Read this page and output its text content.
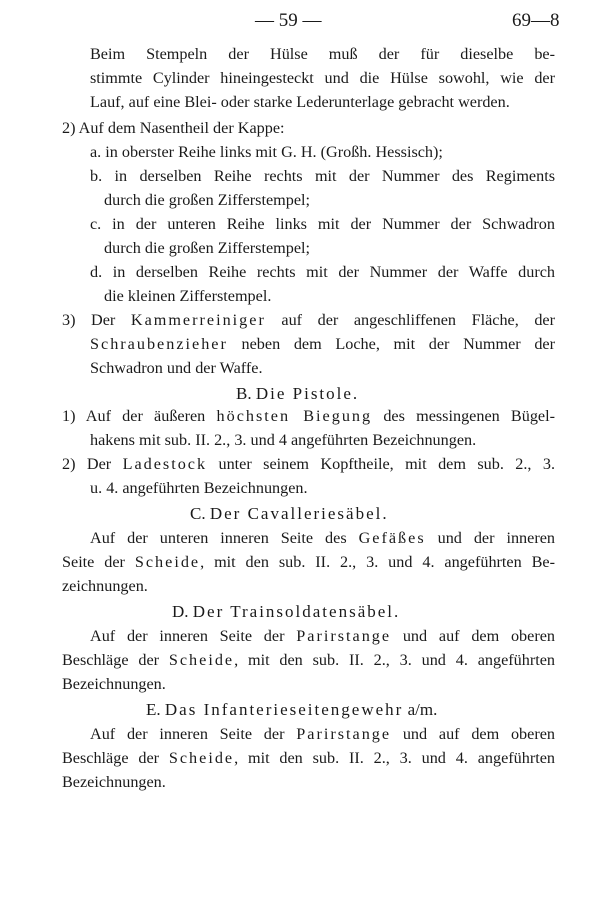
— 59 —	69—8
Beim Stempeln der Hülse muß der für dieselbe be-
stimmte Cylinder hineingesteckt und die Hülse sowohl, wie der
Lauf, auf eine Blei- oder starke Lederunterlage gebracht werden.
2) Auf dem Nasentheil der Kappe:
a. in oberster Reihe links mit G. H. (Großh. Hessisch);
b. in derselben Reihe rechts mit der Nummer des Regiments
durch die großen Zifferstempel;
c. in der unteren Reihe links mit der Nummer der Schwadron
durch die großen Zifferstempel;
d. in derselben Reihe rechts mit der Nummer der Waffe durch
die kleinen Zifferstempel.
3) Der Kammerreiniger auf der angeschliffenen Fläche, der
Schraubenzieher neben dem Loche, mit der Nummer der
Schwadron und der Waffe.
B. Die Pistole.
1) Auf der äußeren höchsten Biegung des messingenen Bügel-
hakens mit sub. II. 2., 3. und 4 angeführten Bezeichnungen.
2) Der Ladestock unter seinem Kopftheile, mit dem sub. 2., 3.
u. 4. angeführten Bezeichnungen.
C. Der Cavalleriesäbel.
Auf der unteren inneren Seite des Gefäßes und der inneren
Seite der Scheide, mit den sub. II. 2., 3. und 4. angeführten Be-
zeichnungen.
D. Der Trainsoldatensäbel.
Auf der inneren Seite der Parirstange und auf dem oberen
Beschläge der Scheide, mit den sub. II. 2., 3. und 4. angeführten
Bezeichnungen.
E. Das Infanterieseitengewehr a/m.
Auf der inneren Seite der Parirstange und auf dem oberen
Beschläge der Scheide, mit den sub. II. 2., 3. und 4. angeführten
Bezeichnungen.
